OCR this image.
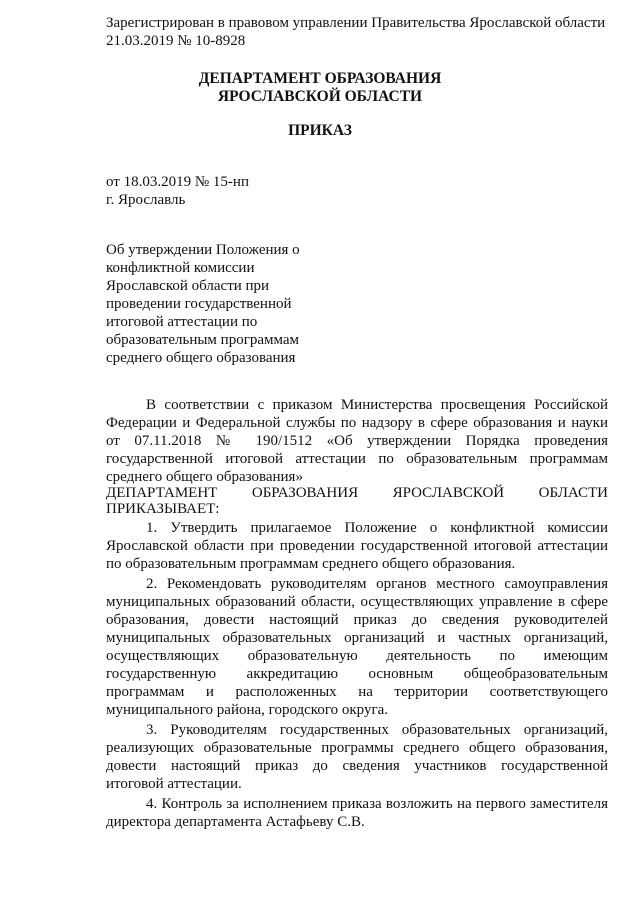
Зарегистрирован в правовом управлении Правительства Ярославской области
21.03.2019 № 10-8928
ДЕПАРТАМЕНТ ОБРАЗОВАНИЯ
ЯРОСЛАВСКОЙ ОБЛАСТИ
ПРИКАЗ
от 18.03.2019 № 15-нп
г. Ярославль
Об утверждении Положения о
конфликтной комиссии
Ярославской области при
проведении государственной
итоговой аттестации по
образовательным программам
среднего общего образования
В соответствии с приказом Министерства просвещения Российской
Федерации и Федеральной службы по надзору в сфере образования и науки
от 07.11.2018 № 190/1512 «Об утверждении Порядка проведения
государственной итоговой аттестации по образовательным программам
среднего общего образования»
ДЕПАРТАМЕНТ ОБРАЗОВАНИЯ ЯРОСЛАВСКОЙ ОБЛАСТИ
ПРИКАЗЫВАЕТ:
1. Утвердить прилагаемое Положение о конфликтной комиссии
Ярославской области при проведении государственной итоговой аттестации
по образовательным программам среднего общего образования.
2. Рекомендовать руководителям органов местного самоуправления
муниципальных образований области, осуществляющих управление в сфере
образования, довести настоящий приказ до сведения руководителей
муниципальных образовательных организаций и частных организаций,
осуществляющих образовательную деятельность по имеющим
государственную аккредитацию основным общеобразовательным
программам и расположенных на территории соответствующего
муниципального района, городского округа.
3. Руководителям государственных образовательных организаций,
реализующих образовательные программы среднего общего образования,
довести настоящий приказ до сведения участников государственной
итоговой аттестации.
4. Контроль за исполнением приказа возложить на первого заместителя
директора департамента Астафьеву С.В.
